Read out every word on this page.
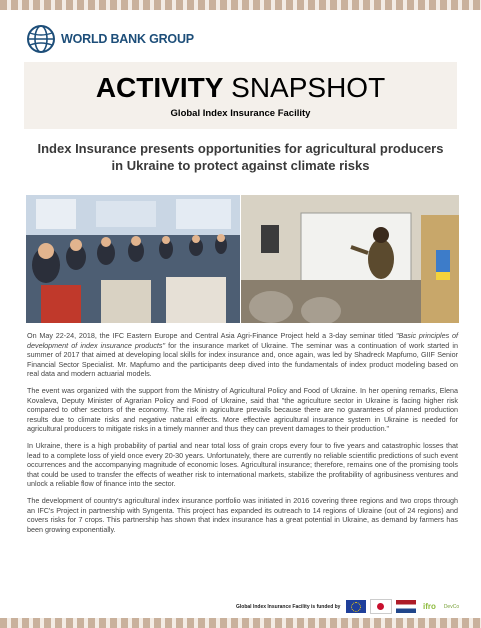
WORLD BANK GROUP
ACTIVITY SNAPSHOT
Global Index Insurance Facility
Index Insurance presents opportunities for agricultural producers in Ukraine to protect against climate risks

On May 22-24, 2018, the IFC Eastern Europe and Central Asia Agri-Finance Project held a 3-day seminar titled "Basic principles of development of index insurance products" for the insurance market of Ukraine. The seminar was a continuation of work started in summer of 2017 that aimed at developing local skills for index insurance and, once again, was led by Shadreck Mapfumo, GIIF Senior Financial Sector Specialist. Mr. Mapfumo and the participants deep dived into the fundamentals of index product modeling based on real data and modern actuarial models.

The event was organized with the support from the Ministry of Agricultural Policy and Food of Ukraine. In her opening remarks, Elena Kovaleva, Deputy Minister of Agrarian Policy and Food of Ukraine, said that "the agriculture sector in Ukraine is facing higher risk compared to other sectors of the economy. The risk in agriculture prevails because there are no guarantees of planned production results due to climate risks and negative natural effects. More effective agricultural insurance system in Ukraine is needed for agricultural producers to mitigate risks in a timely manner and thus they can prevent damages to their production."

In Ukraine, there is a high probability of partial and near total loss of grain crops every four to five years and catastrophic losses that lead to a complete loss of yield once every 20-30 years. Unfortunately, there are currently no reliable scientific predictions of such event occurrences and the accompanying magnitude of economic loses. Agricultural insurance; therefore, remains one of the promising tools that could be used to transfer the effects of weather risk to international markets, stabilize the profitability of agribusiness ventures and unlock a reliable flow of finance into the sector.

The development of country's agricultural index insurance portfolio was initiated in 2016 covering three regions and two crops through an IFC's Project in partnership with Syngenta. This project has expanded its outreach to 14 regions of Ukraine (out of 24 regions) and covers risks for 7 crops. This partnership has shown that index insurance has a great potential in Ukraine, as demand by farmers has been growing exponentially.

Global Index Insurance Facility is funded by	ifro	DevCo
